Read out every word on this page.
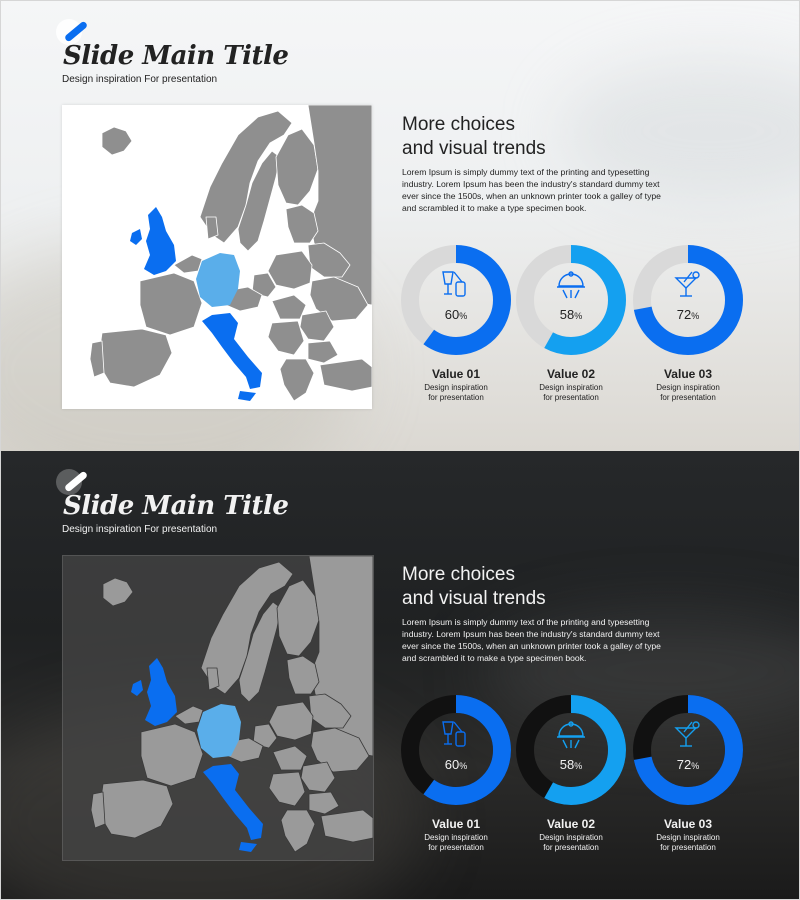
Slide Main Title
Design inspiration For presentation
More choices
and visual trends
Lorem Ipsum is simply dummy text of the printing and typesetting industry. Lorem Ipsum has been the industry's standard dummy text ever since the 1500s, when an unknown printer took a galley of type and scrambled it to make a type specimen book.
60%
Value 01
Design inspiration
for presentation
58%
Value 02
Design inspiration
for presentation
72%
Value 03
Design inspiration
for presentation
Slide Main Title
Design inspiration For presentation
More choices
and visual trends
Lorem Ipsum is simply dummy text of the printing and typesetting industry. Lorem Ipsum has been the industry's standard dummy text ever since the 1500s, when an unknown printer took a galley of type and scrambled it to make a type specimen book.
60%
Value 01
Design inspiration
for presentation
58%
Value 02
Design inspiration
for presentation
72%
Value 03
Design inspiration
for presentation
